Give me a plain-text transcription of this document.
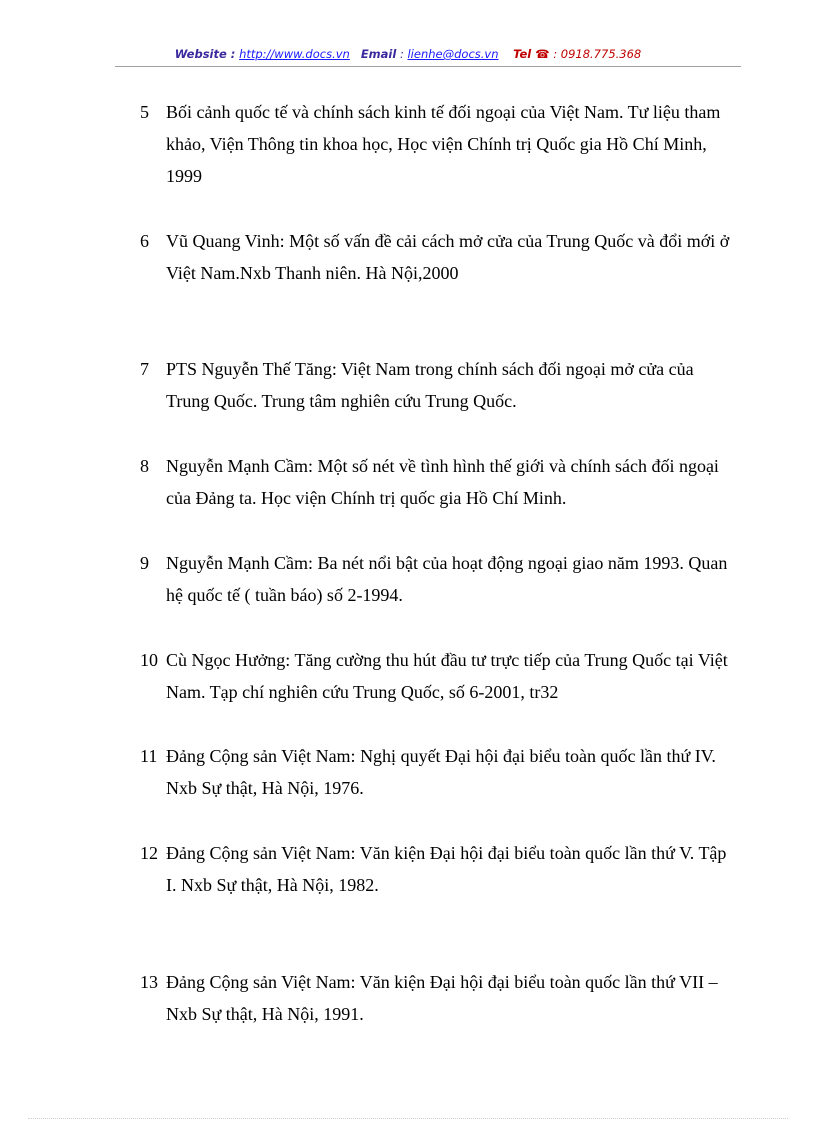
Website : http://www.docs.vn Email : lienhe@docs.vn Tel ☎ : 0918.775.368
5 Bối cảnh quốc tế và chính sách kinh tế đối ngoại của Việt Nam. Tư liệu tham khảo, Viện Thông tin khoa học, Học viện Chính trị Quốc gia Hồ Chí Minh, 1999
6 Vũ Quang Vinh: Một số vấn đề cải cách mở cửa của Trung Quốc và đổi mới ở Việt Nam.Nxb Thanh niên. Hà Nội,2000
7 PTS Nguyễn Thế Tăng: Việt Nam trong chính sách đối ngoại mở cửa của Trung Quốc. Trung tâm nghiên cứu Trung Quốc.
8 Nguyễn Mạnh Cầm: Một số nét về tình hình thế giới và chính sách đối ngoại của Đảng ta. Học viện Chính trị quốc gia Hồ Chí Minh.
9 Nguyễn Mạnh Cầm: Ba nét nổi bật của hoạt động ngoại giao năm 1993. Quan hệ quốc tế ( tuần báo) số 2-1994.
10 Cù Ngọc Hưởng: Tăng cường thu hút đầu tư trực tiếp của Trung Quốc tại Việt Nam. Tạp chí nghiên cứu Trung Quốc, số 6-2001, tr32
11 Đảng Cộng sản Việt Nam: Nghị quyết Đại hội đại biểu toàn quốc lần thứ IV. Nxb Sự thật, Hà Nội, 1976.
12 Đảng Cộng sản Việt Nam: Văn kiện Đại hội đại biểu toàn quốc lần thứ V. Tập I. Nxb Sự thật, Hà Nội, 1982.
13 Đảng Cộng sản Việt Nam: Văn kiện Đại hội đại biểu toàn quốc lần thứ VII – Nxb Sự thật, Hà Nội, 1991.
